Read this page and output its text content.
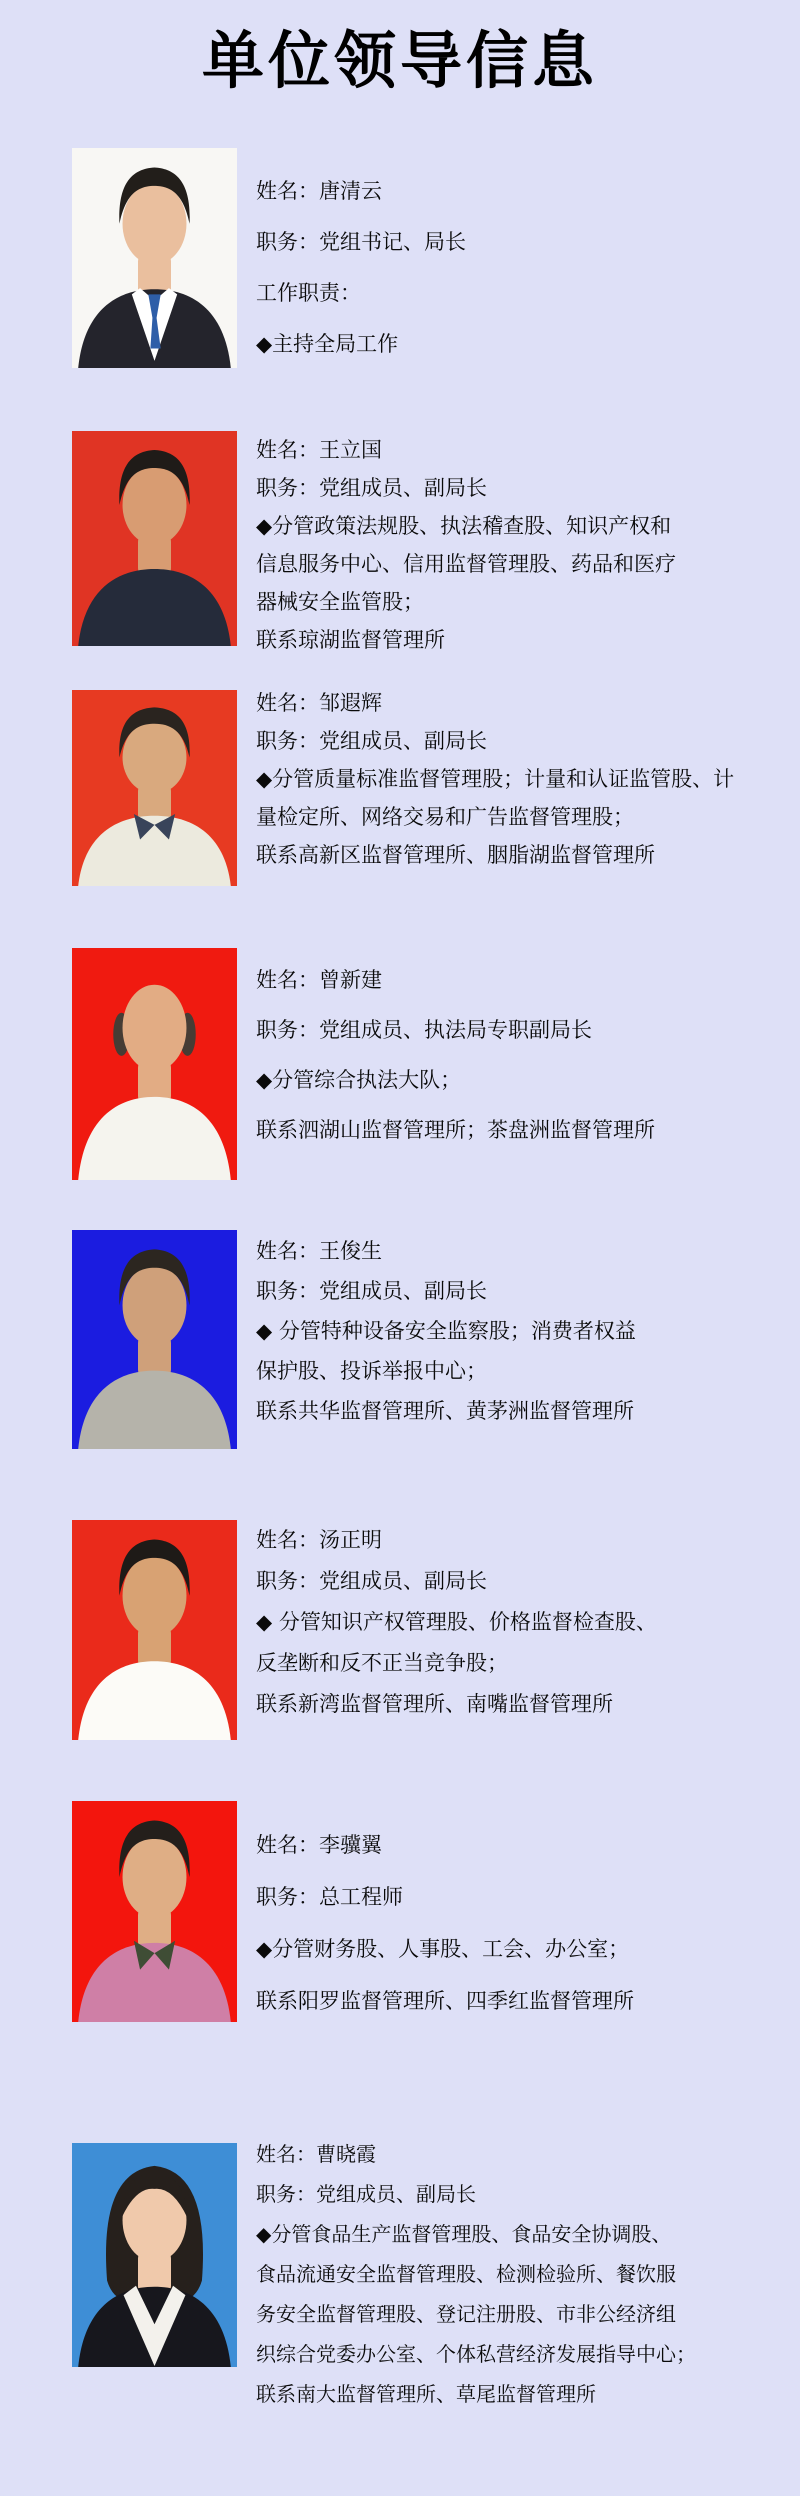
单位领导信息
姓名：唐清云
职务：党组书记、局长
工作职责：
◆主持全局工作
姓名：王立国
职务：党组成员、副局长
◆分管政策法规股、执法稽查股、知识产权和
信息服务中心、信用监督管理股、药品和医疗
器械安全监管股；
联系琼湖监督管理所
姓名：邹遐辉
职务：党组成员、副局长
◆分管质量标准监督管理股；计量和认证监管股、计
量检定所、网络交易和广告监督管理股；
联系高新区监督管理所、胭脂湖监督管理所
姓名：曾新建
职务：党组成员、执法局专职副局长
◆分管综合执法大队；
联系泗湖山监督管理所；茶盘洲监督管理所
姓名：王俊生
职务：党组成员、副局长
◆ 分管特种设备安全监察股；消费者权益
保护股、投诉举报中心；
联系共华监督管理所、黄茅洲监督管理所
姓名：汤正明
职务：党组成员、副局长
◆ 分管知识产权管理股、价格监督检查股、
反垄断和反不正当竞争股；
联系新湾监督管理所、南嘴监督管理所
姓名：李骥翼
职务：总工程师
◆分管财务股、人事股、工会、办公室；
联系阳罗监督管理所、四季红监督管理所
姓名：曹晓霞
职务：党组成员、副局长
◆分管食品生产监督管理股、食品安全协调股、
食品流通安全监督管理股、检测检验所、餐饮服
务安全监督管理股、登记注册股、市非公经济组
织综合党委办公室、个体私营经济发展指导中心；
联系南大监督管理所、草尾监督管理所
